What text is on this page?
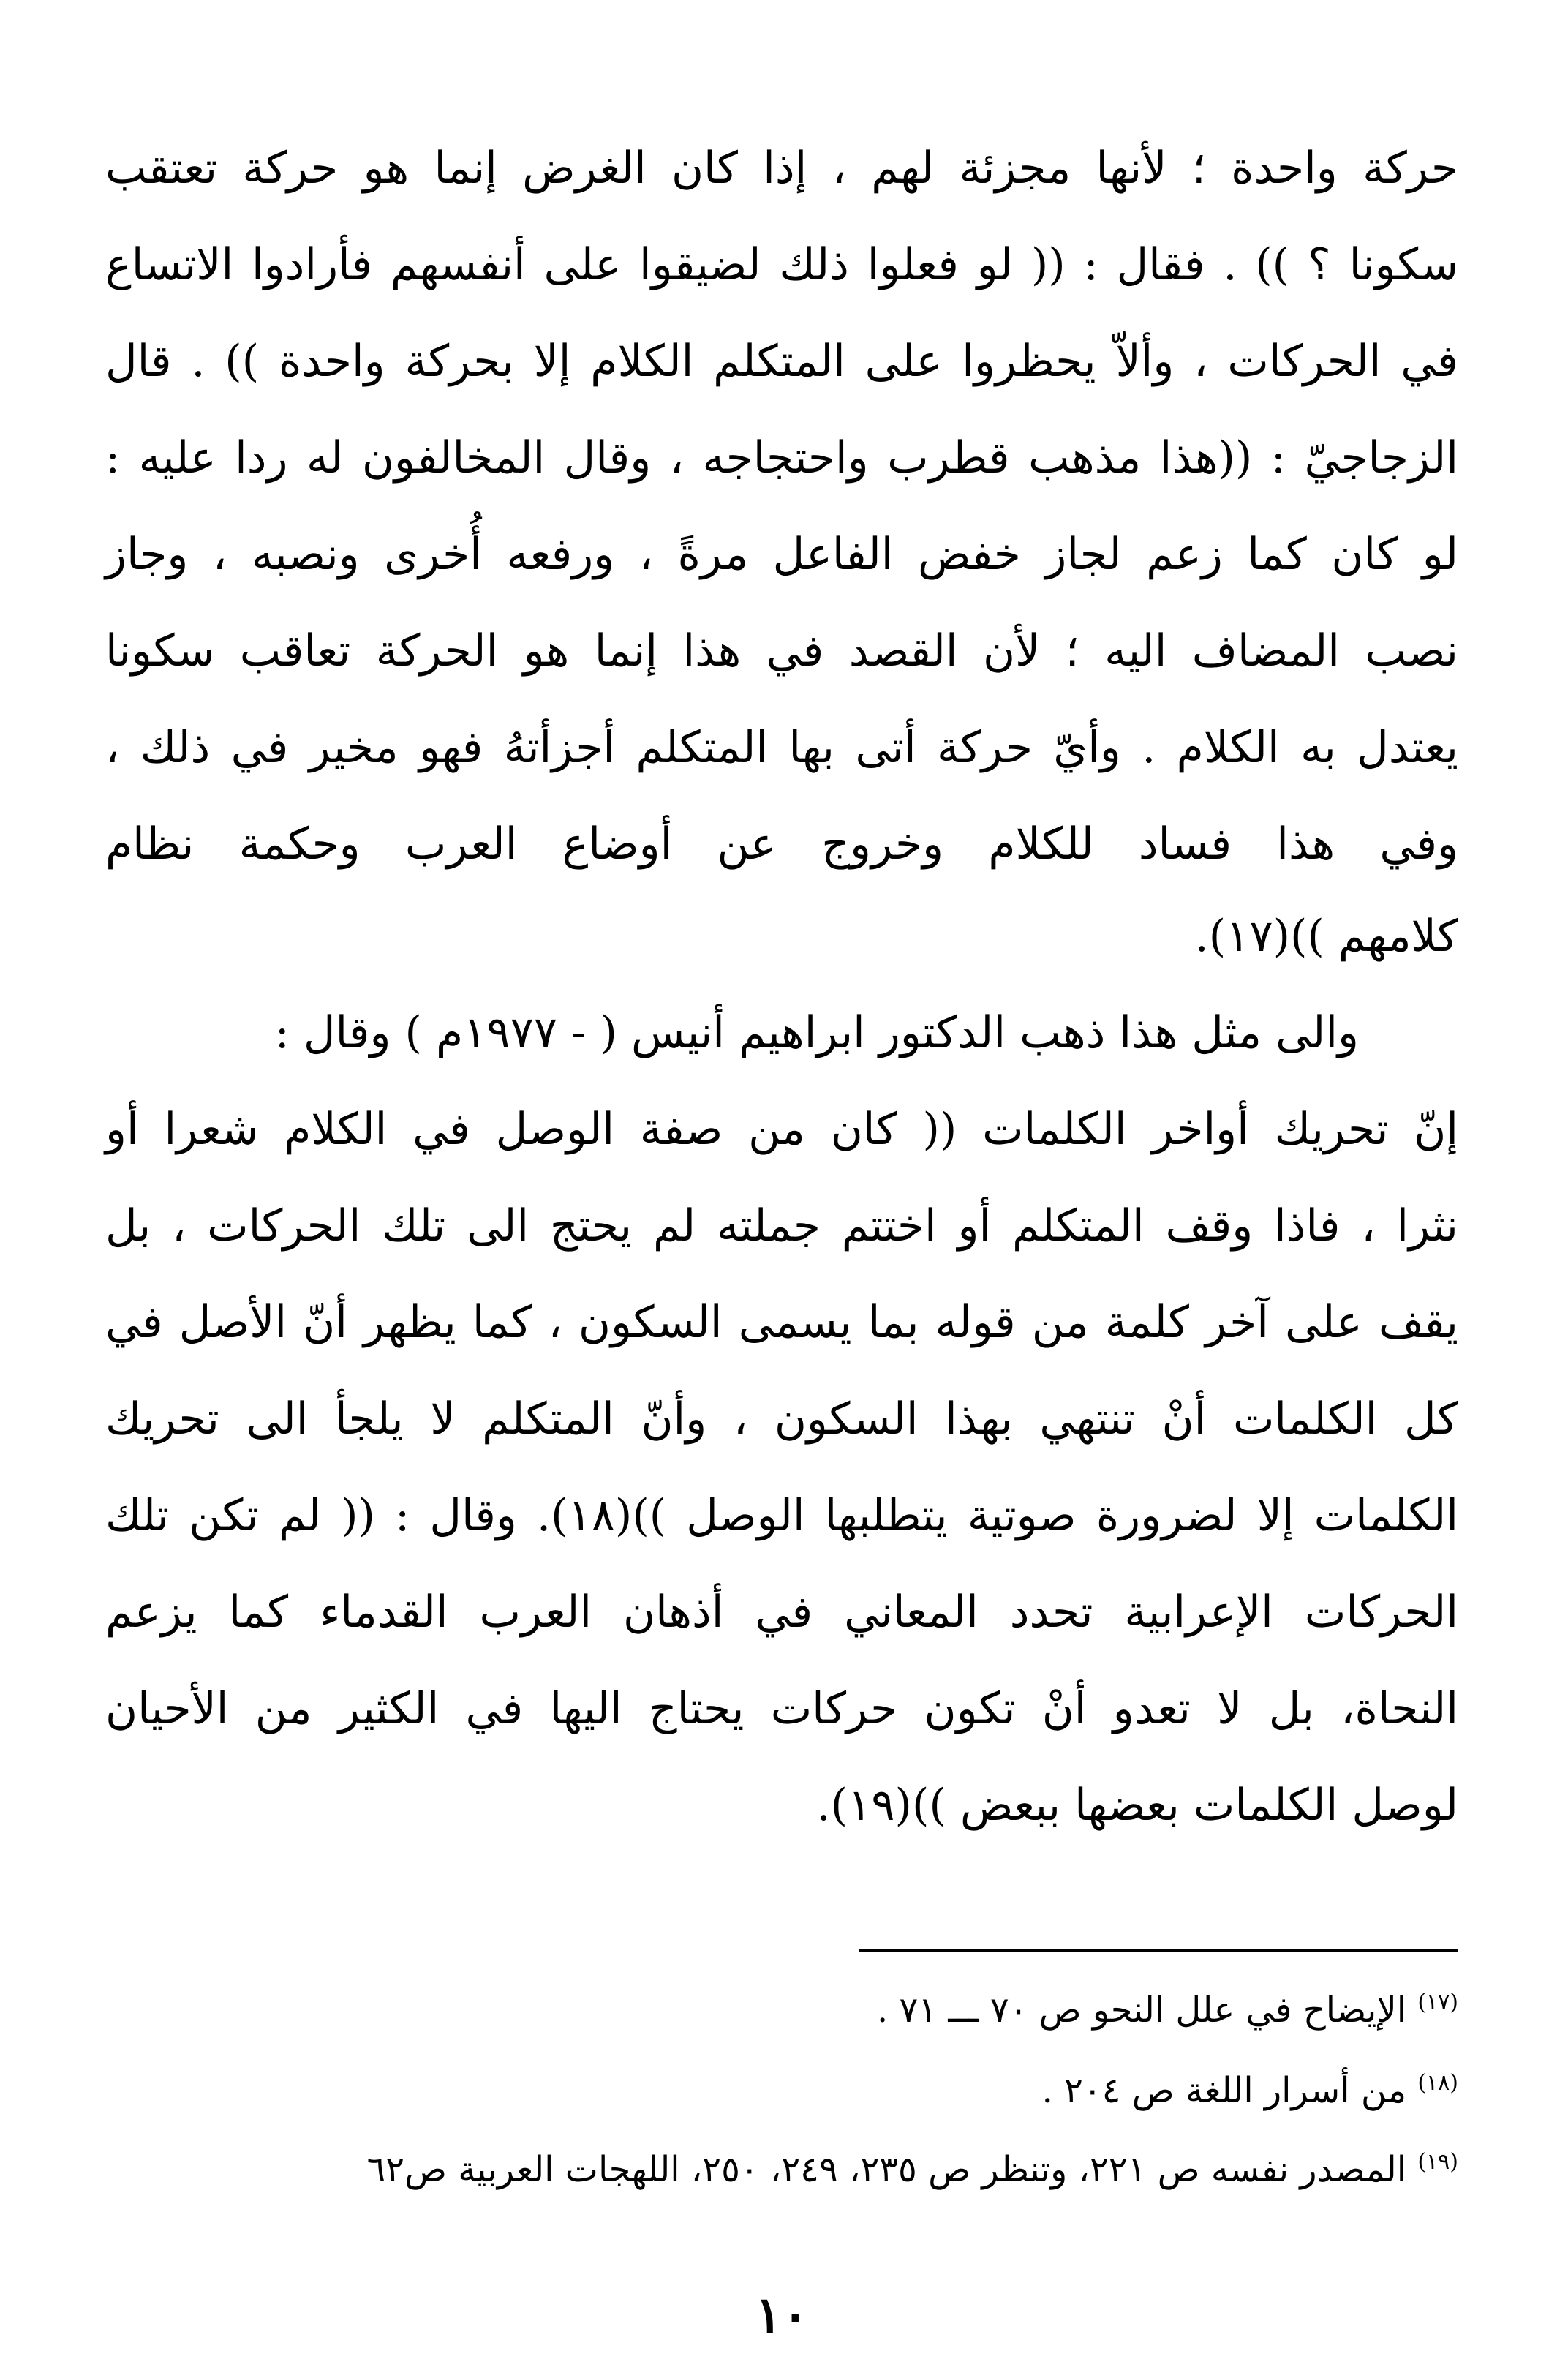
حركة واحدة ؛ لأنها مجزئة لهم ، إذا كان الغرض إنما هو حركة تعتقب
سكونا ؟ )) . فقال : (( لو فعلوا ذلك لضيقوا على أنفسهم فأرادوا الاتساع
في الحركات ، وألاّ يحظروا على المتكلم الكلام إلا بحركة واحدة )) . قال
الزجاجيّ : ((هذا مذهب قطرب واحتجاجه ، وقال المخالفون له ردا عليه :
لو كان كما زعم لجاز خفض الفاعل مرةً ، ورفعه أُخرى ونصبه ، وجاز
نصب المضاف اليه ؛ لأن القصد في هذا إنما هو الحركة تعاقب سكونا
يعتدل به الكلام . وأيّ حركة أتى بها المتكلم أجزأتهُ فهو مخير في ذلك ،
وفي هذا فساد للكلام وخروج عن أوضاع العرب وحكمة نظام
كلامهم ))(١٧).
والى مثل هذا ذهب الدكتور ابراهيم أنيس ( - ١٩٧٧م ) وقال :
إنّ تحريك أواخر الكلمات (( كان من صفة الوصل في الكلام شعرا أو
نثرا ، فاذا وقف المتكلم أو اختتم جملته لم يحتج الى تلك الحركات ، بل
يقف على آخر كلمة من قوله بما يسمى السكون ، كما يظهر أنّ الأصل في
كل الكلمات أنْ تنتهي بهذا السكون ، وأنّ المتكلم لا يلجأ الى تحريك
الكلمات إلا لضرورة صوتية يتطلبها الوصل ))(١٨). وقال : (( لم تكن تلك
الحركات الإعرابية تحدد المعاني في أذهان العرب القدماء كما يزعم
النحاة، بل لا تعدو أنْ تكون حركات يحتاج اليها في الكثير من الأحيان
لوصل الكلمات بعضها ببعض ))(١٩).
$^{(١٧)}$ الإيضاح في علل النحو ص ٧٠ ـــ ٧١ .
$^{(١٨)}$ من أسرار اللغة ص ٢٠٤ .
$^{(١٩)}$ المصدر نفسه ص ٢٢١، وتنظر ص ٢٣٥، ٢٤٩، ٢٥٠، اللهجات العربية ص٦٢
١٠
